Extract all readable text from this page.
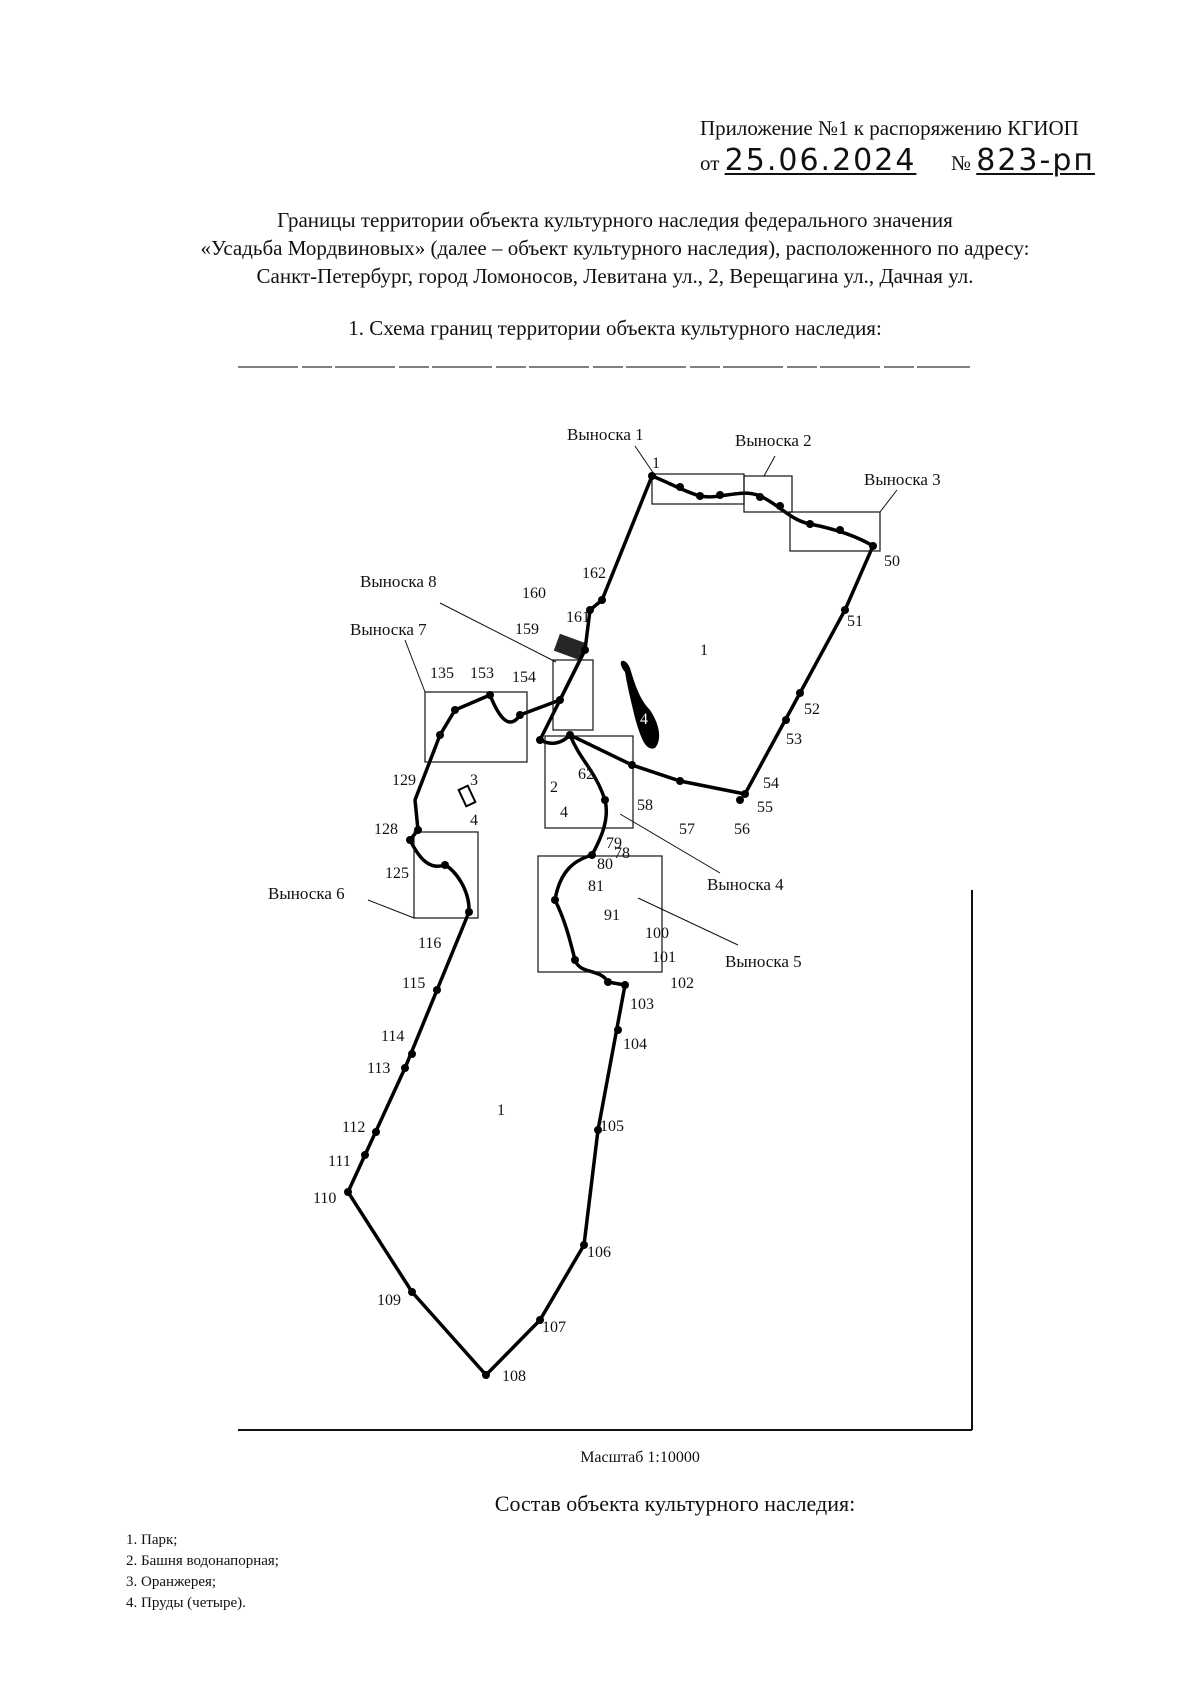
Приложение №1 к распоряжению КГИОП
от 25.06.2024 № 823-рп
Границы территории объекта культурного наследия федерального значения
«Усадьба Мордвиновых» (далее – объект культурного наследия), расположенного по адресу:
Санкт-Петербург, город Ломоносов, Левитана ул., 2, Верещагина ул., Дачная ул.
1. Схема границ территории объекта культурного наследия:
Выноска 1	Выноска 2
Выноска 3
Выноска 4
Выноска 5
Выноска 6
Выноска 7
Выноска 8
1
50
51
52
53
54
55
56
57
58
62
78
79
80
81
91
100
101
102
103
104
105
106
107
108
109
110
111
112
113
114
115
116
125
128
129
135 153 154
159
160
161
162
1
1
2
3
4	4
4
Масштаб 1:10000
Состав объекта культурного наследия:
1. Парк;
2. Башня водонапорная;
3. Оранжерея;
4. Пруды (четыре).
